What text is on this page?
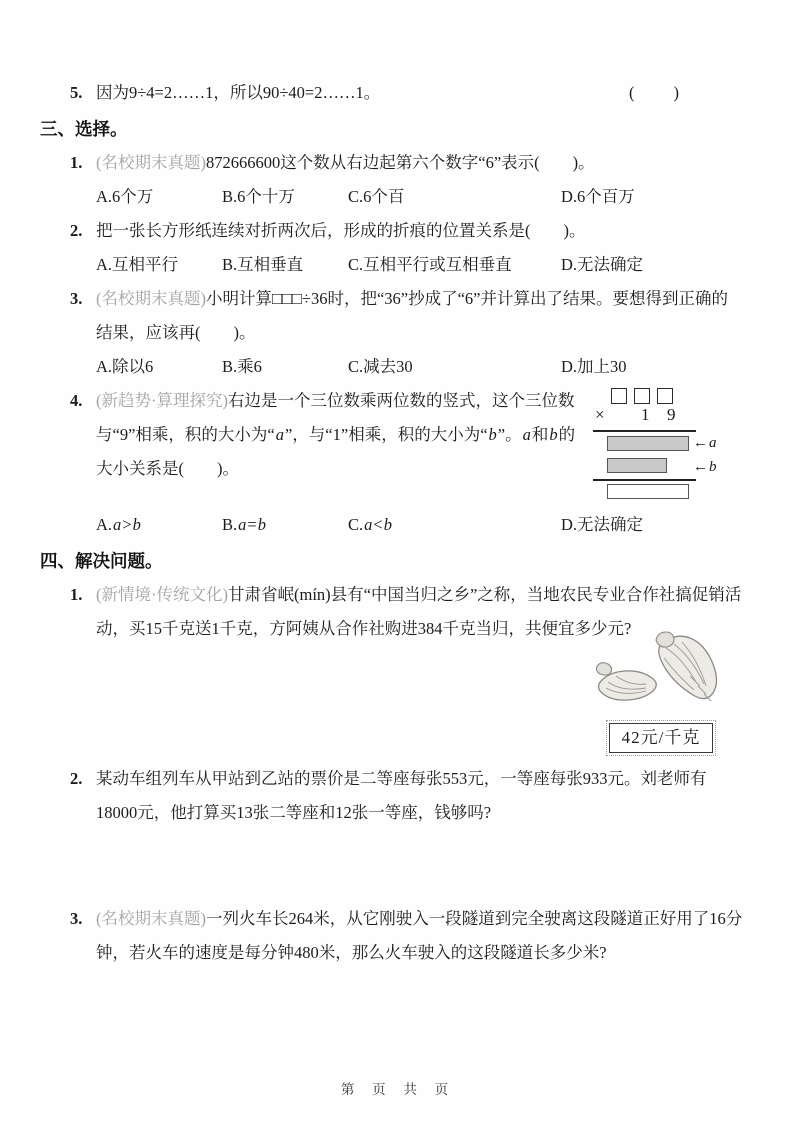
5. 因为9÷4=2……1，所以90÷40=2……1。	(　　)
三、选择。
1. (名校期末真题)872666600这个数从右边起第六个数字“6”表示(　　)。

A.6个万	B.6个十万	C.6个百	D.6个百万
2. 把一张长方形纸连续对折两次后，形成的折痕的位置关系是(　　)。

A.互相平行	B.互相垂直	C.互相平行或互相垂直	D.无法确定
3. (名校期末真题)小明计算□□□÷36时，把“36”抄成了“6”并计算出了结果。要想得到正确的结果，应该再(　　)。

A.除以6	B.乘6	C.减去30	D.加上30
4.
× 1 9
←a
←b

(新趋势·算理探究)右边是一个三位数乘两位数的竖式，这个三位数与“9”相乘，积的大小为“a”，与“1”相乘，积的大小为“b”。a和b的大小关系是(　　)。

A.a>b	B.a=b	C.a<b	D.无法确定
四、解决问题。
1. (新情境·传统文化)甘肃省岷(mín)县有“中国当归之乡”之称，当地农民专业合作社搞促销活动，买15千克送1千克，方阿姨从合作社购进384千克当归，共便宜多少元?

42元/千克
2. 某动车组列车从甲站到乙站的票价是二等座每张553元，一等座每张933元。刘老师有18000元，他打算买13张二等座和12张一等座，钱够吗?

3. (名校期末真题)一列火车长264米，从它刚驶入一段隧道到完全驶离这段隧道正好用了16分钟，若火车的速度是每分钟480米，那么火车驶入的这段隧道长多少米?

第 页 共 页
